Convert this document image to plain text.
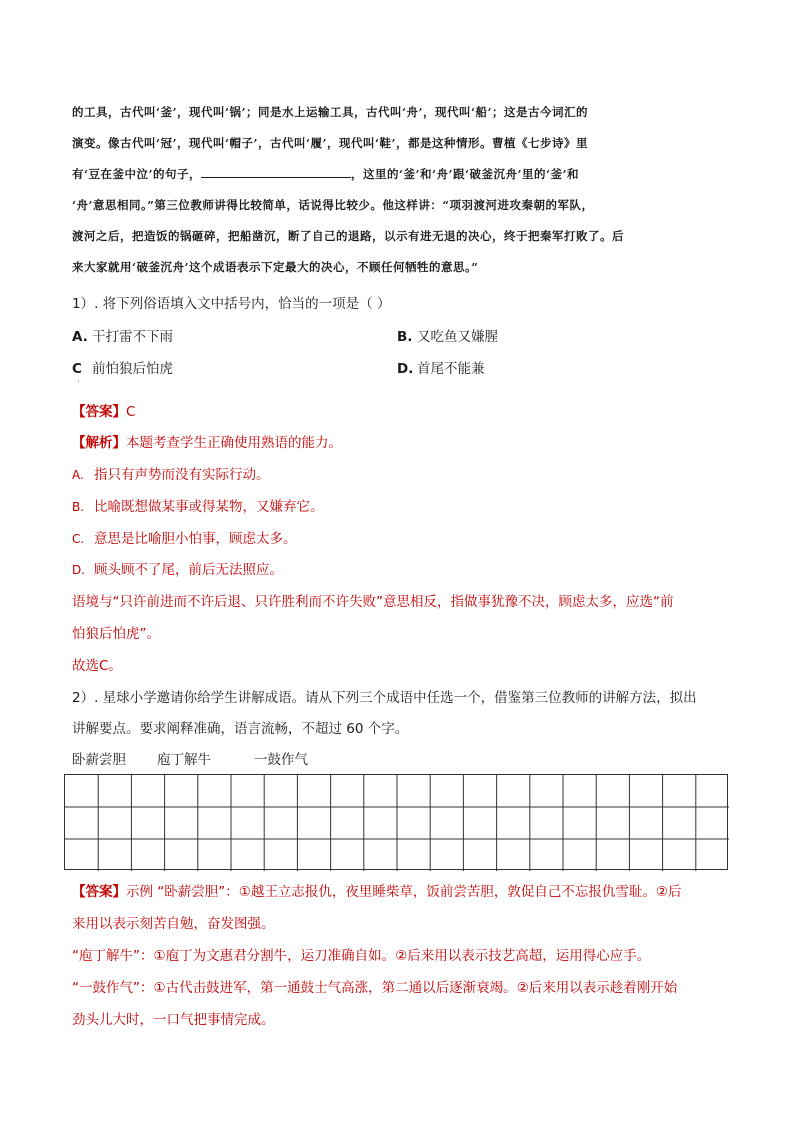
的工具，古代叫‘釜’，现代叫‘锅’；同是水上运输工具，古代叫‘舟’，现代叫‘船’；这是古今词汇的
演变。像古代叫‘冠’，现代叫‘帽子’，古代叫‘履’，现代叫‘鞋’，都是这种情形。曹植《七步诗》里
有‘豆在釜中泣’的句子，	，这里的‘釜’和‘舟’跟‘破釜沉舟’里的‘釜’和
‘舟’意思相同。”第三位教师讲得比较简单，话说得比较少。他这样讲：“项羽渡河进攻秦朝的军队，
渡河之后，把造饭的锅砸碎，把船凿沉，断了自己的退路，以示有进无退的决心，终于把秦军打败了。后
来大家就用‘破釜沉舟’这个成语表示下定最大的决心，不顾任何牺牲的意思。”
1）. 将下列俗语填入文中括号内，恰当的一项是（ ）
A. 干打雷不下雨	B. 又吃鱼又嫌腥
C 前怕狼后怕虎	D. 首尾不能兼
·
【答案】C
【解析】本题考查学生正确使用熟语的能力。
A. 指只有声势而没有实际行动。
B. 比喻既想做某事或得某物，又嫌弃它。
C. 意思是比喻胆小怕事，顾虑太多。
D. 顾头顾不了尾，前后无法照应。
语境与“只许前进而不许后退、只许胜利而不许失败”意思相反，指做事犹豫不决，顾虑太多，应选“前
怕狼后怕虎”。
故选C。
2）. 星球小学邀请你给学生讲解成语。请从下列三个成语中任选一个，借鉴第三位教师的讲解方法，拟出
讲解要点。要求阐释准确，语言流畅，不超过 60 个字。
卧薪尝胆 庖丁解牛	一鼓作气
【答案】示例 “卧薪尝胆”：①越王立志报仇，夜里睡柴草，饭前尝苦胆，敦促自己不忘报仇雪耻。②后
来用以表示刻苦自勉，奋发图强。
“庖丁解牛”：①庖丁为文惠君分割牛，运刀准确自如。②后来用以表示技艺高超，运用得心应手。
“一鼓作气”：①古代击鼓进军，第一通鼓士气高涨，第二通以后逐渐衰竭。②后来用以表示趁着刚开始
劲头儿大时，一口气把事情完成。
